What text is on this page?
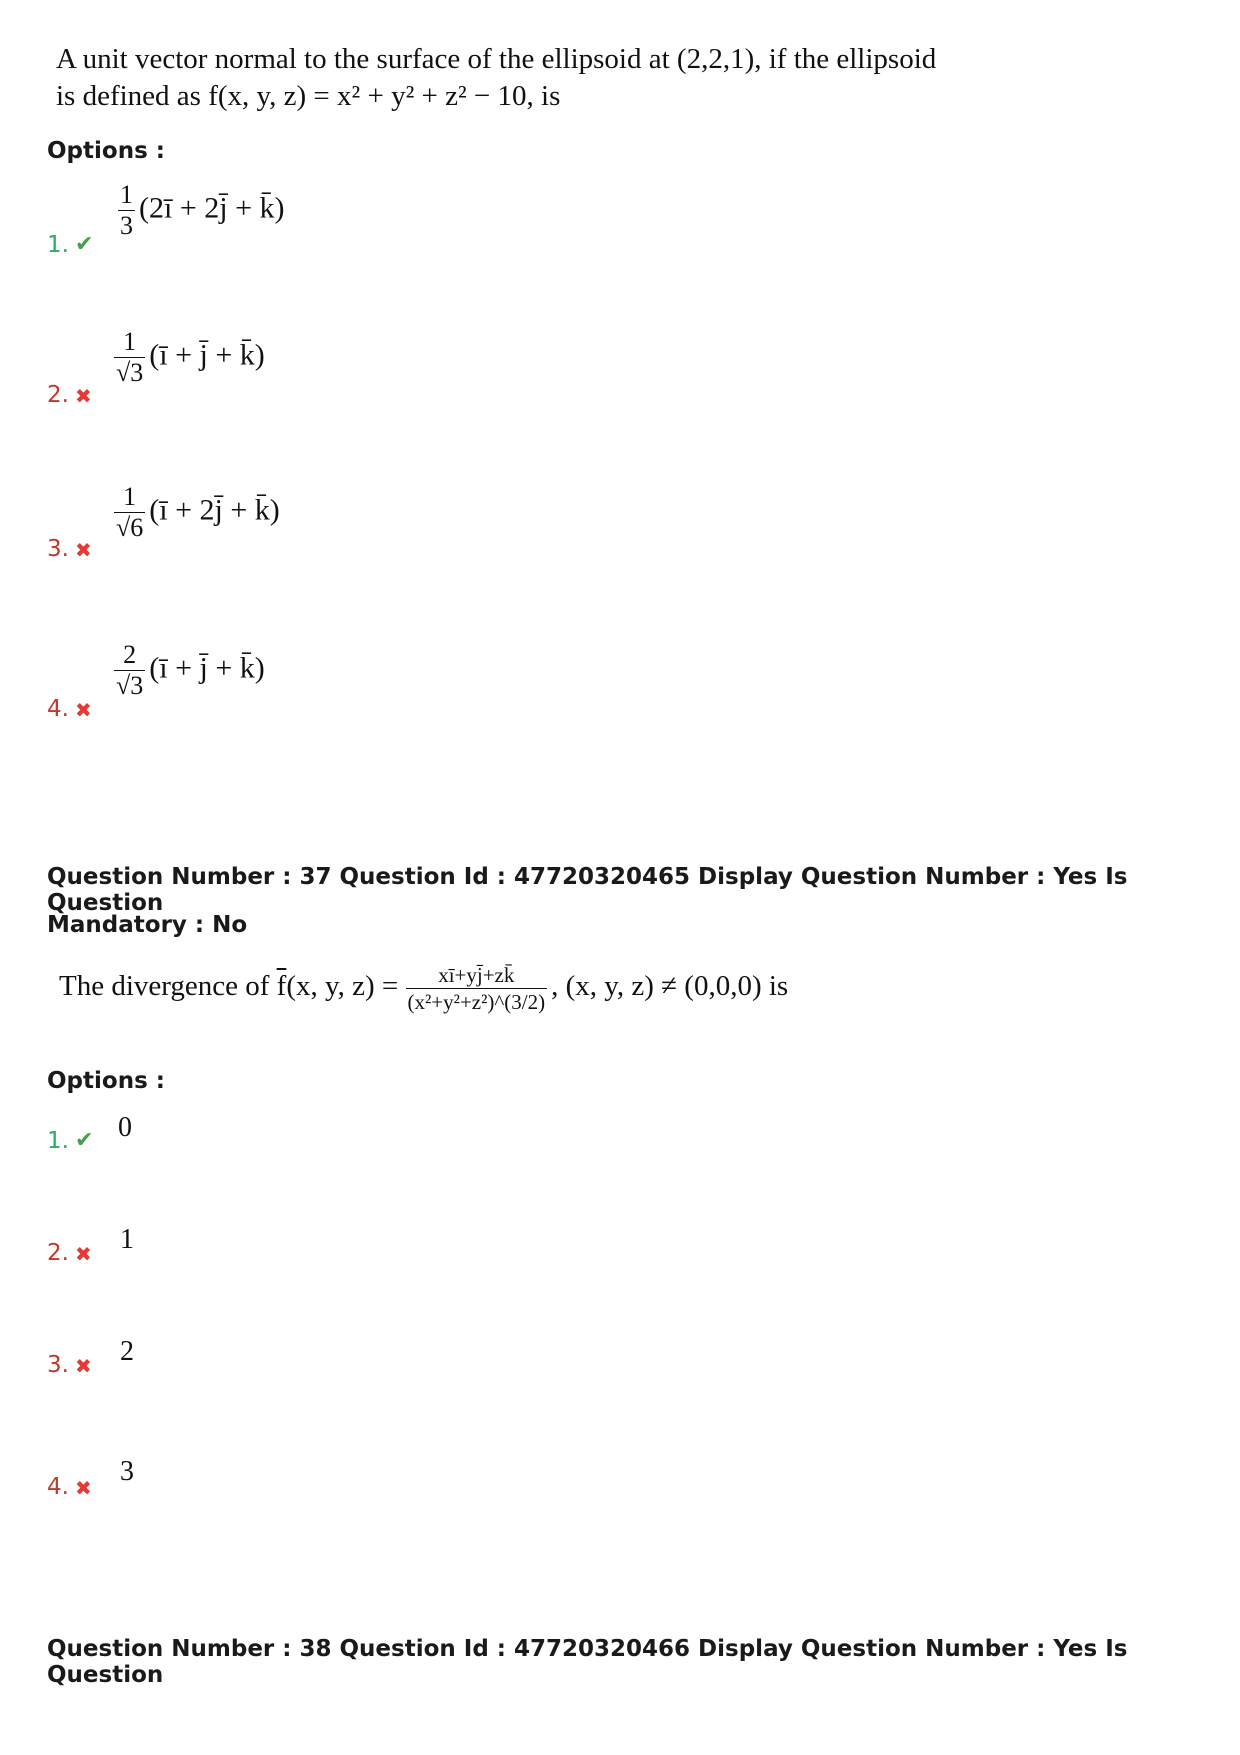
A unit vector normal to the surface of the ellipsoid at (2,2,1), if the ellipsoid
is defined as f(x, y, z) = x² + y² + z² − 10, is
Options :
1. ✔
$\frac{1}{3}$ (2ī + 2j̄ + k̄)
2. ✖
$\frac{1}{√3}$ (ī + j̄ + k̄)
3. ✖
$\frac{1}{√6}$ (ī + 2j̄ + k̄)
4. ✖
$\frac{2}{√3}$ (ī + j̄ + k̄)
Question Number : 37 Question Id : 47720320465 Display Question Number : Yes Is Question
Mandatory : No
The divergence of $\overline{f}(x$, y, $z) = \frac{xī+yj̄+zk̄}{\text{(x²+y²+z²)\textasciicircum{}(3/2)}}$ , (x, y, z) ≠ (0,0,0) is
Options :
1. ✔ 0
2. ✖ 1
3. ✖ 2
4. ✖
3
Question Number : 38 Question Id : 47720320466 Display Question Number : Yes Is Question
